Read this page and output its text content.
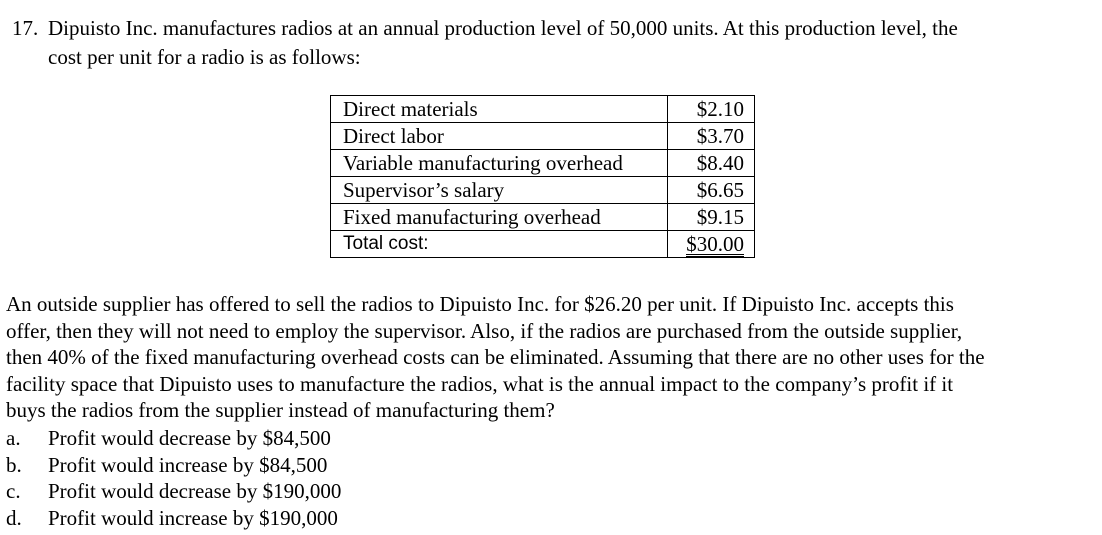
17. Dipuisto Inc. manufactures radios at an annual production level of 50,000 units. At this production level, the
cost per unit for a radio is as follows:
Direct materials	$2.10
Direct labor	$3.70
Variable manufacturing overhead	$8.40
Supervisor’s salary	$6.65
Fixed manufacturing overhead	$9.15
Total cost:	$30.00
An outside supplier has offered to sell the radios to Dipuisto Inc. for $26.20 per unit. If Dipuisto Inc. accepts this
offer, then they will not need to employ the supervisor. Also, if the radios are purchased from the outside supplier,
then 40% of the fixed manufacturing overhead costs can be eliminated. Assuming that there are no other uses for the
facility space that Dipuisto uses to manufacture the radios, what is the annual impact to the company’s profit if it
buys the radios from the supplier instead of manufacturing them?
a. Profit would decrease by $84,500
b. Profit would increase by $84,500
c. Profit would decrease by $190,000
d. Profit would increase by $190,000
